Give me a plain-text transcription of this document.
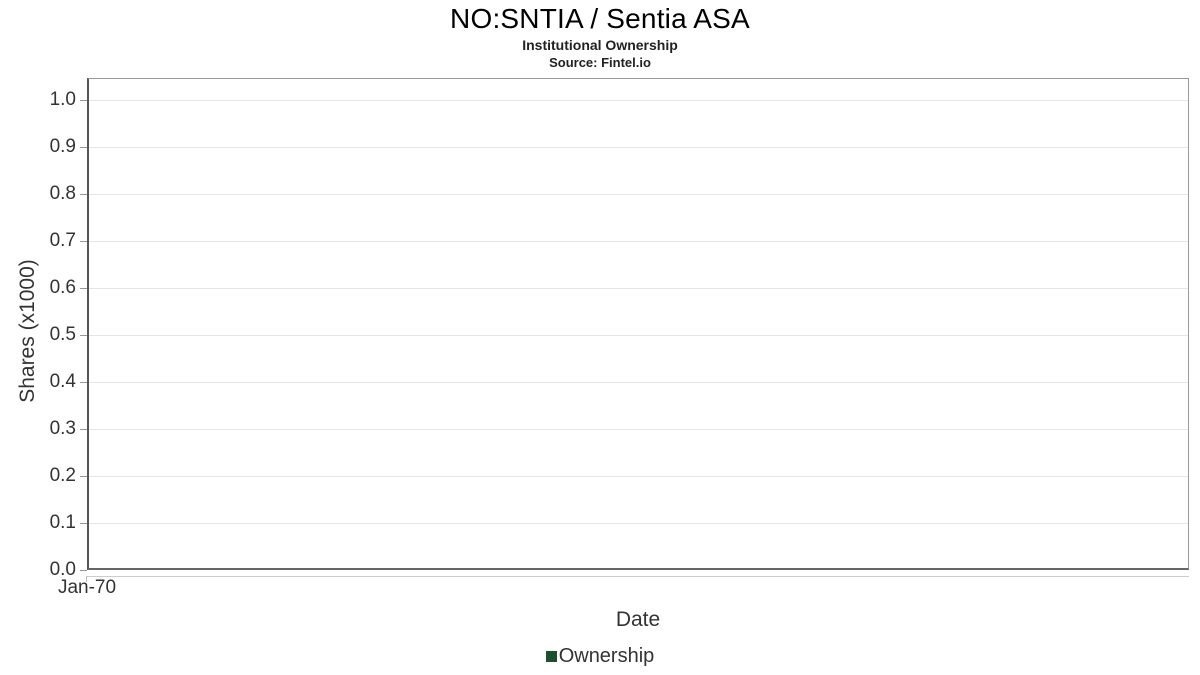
NO:SNTIA / Sentia ASA
Institutional Ownership
Source: Fintel.io
0.0
0.1
0.2
0.3
0.4
0.5
0.6
0.7
0.8
0.9
1.0
Jan-70
Shares (x1000)
Date
Ownership
